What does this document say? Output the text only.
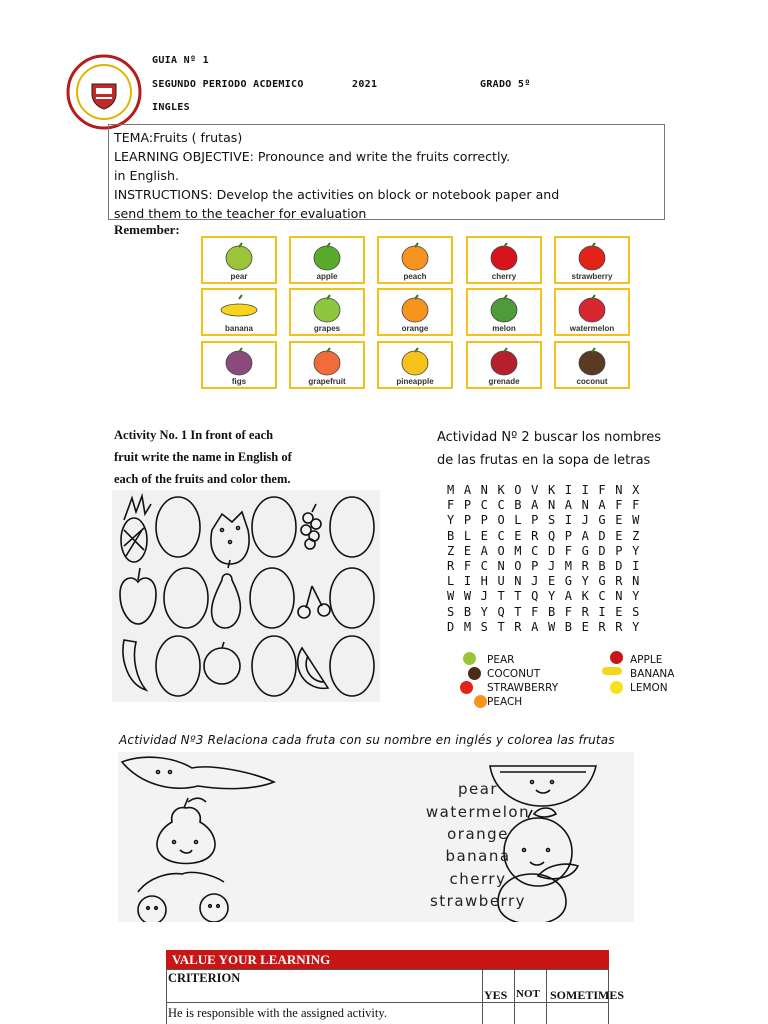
GUIA Nº 1
SEGUNDO PERIODO ACDEMICO	2021	GRADO 5º
INGLES
TEMA:Fruits ( frutas)
LEARNING OBJECTIVE: Pronounce and write the fruits correctly.
in English.
INSTRUCTIONS: Develop the activities on block or notebook paper and
send them to the teacher for evaluation
Remember:
pear	apple	peach	cherry	strawberry
banana	grapes	orange	melon	watermelon
figs	grapefruit	pineapple	grenade	coconut
Activity No. 1 In front of each
fruit write the name in English of
each of the fruits and color them.
Actividad Nº 2 buscar los nombres
de las frutas en la sopa de letras
MANKOVKIIFNX
FPCCBANANAFF
YPPOLPSIJGEW
BLECERQPADEZ
ZEAOMCDFGDPY
RFCNOPJMRBDI
LIHUNJEGYGRN
WWJTTQYAKCNY
SBYQTFBFRIES
DMSTRAWBERRY
PEAR
COCONUT
STRAWBERRY
PEACH
APPLE
BANANA
LEMON
Actividad Nº3 Relaciona cada fruta con su nombre en inglés y colorea las frutas
pear
watermelon
orange
banana
cherry
strawberry
VALUE YOUR LEARNING
CRITERION
YES NOT SOMETIMES
He is responsible with the assigned activity.
